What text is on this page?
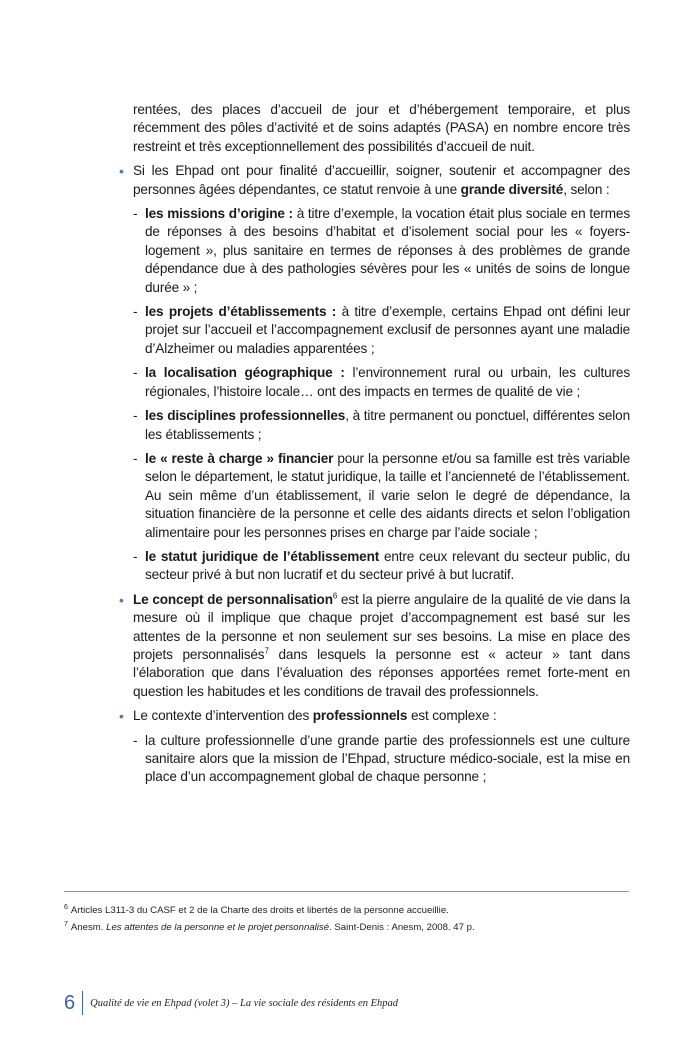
rentées, des places d’accueil de jour et d’hébergement temporaire, et plus récemment des pôles d’activité et de soins adaptés (PASA) en nombre encore très restreint et très exceptionnellement des possibilités d’accueil de nuit.

• Si les Ehpad ont pour finalité d’accueillir, soigner, soutenir et accompagner des personnes âgées dépendantes, ce statut renvoie à une grande diversité, selon :

- les missions d’origine : à titre d’exemple, la vocation était plus sociale en termes de réponses à des besoins d’habitat et d’isolement social pour les « foyers-logement », plus sanitaire en termes de réponses à des problèmes de grande dépendance due à des pathologies sévères pour les « unités de soins de longue durée » ;

- les projets d’établissements : à titre d’exemple, certains Ehpad ont défini leur projet sur l’accueil et l’accompagnement exclusif de personnes ayant une maladie d’Alzheimer ou maladies apparentées ;

- la localisation géographique : l’environnement rural ou urbain, les cultures régionales, l’histoire locale… ont des impacts en termes de qualité de vie ;

- les disciplines professionnelles, à titre permanent ou ponctuel, différentes selon les établissements ;

- le « reste à charge » financier pour la personne et/ou sa famille est très variable selon le département, le statut juridique, la taille et l’ancienneté de l’établissement. Au sein même d’un établissement, il varie selon le degré de dépendance, la situation financière de la personne et celle des aidants directs et selon l’obligation alimentaire pour les personnes prises en charge par l’aide sociale ;

- le statut juridique de l’établissement entre ceux relevant du secteur public, du secteur privé à but non lucratif et du secteur privé à but lucratif.

• Le concept de personnalisation$^6$ est la pierre angulaire de la qualité de vie dans la mesure où il implique que chaque projet d’accompagnement est basé sur les attentes de la personne et non seulement sur ses besoins. La mise en place des projets personnalisés$^7$ dans lesquels la personne est « acteur » tant dans l’élaboration que dans l’évaluation des réponses apportées remet forte-ment en question les habitudes et les conditions de travail des professionnels.

• Le contexte d’intervention des professionnels est complexe :

- la culture professionnelle d’une grande partie des professionnels est une culture sanitaire alors que la mission de l’Ehpad, structure médico-sociale, est la mise en place d’un accompagnement global de chaque personne ;

$^6$ Articles L311-3 du CASF et 2 de la Charte des droits et libertés de la personne accueillie.

$^7$ Anesm. Les attentes de la personne et le projet personnalisé. Saint-Denis : Anesm, 2008. 47 p.

6	Qualité de vie en Ehpad (volet 3) – La vie sociale des résidents en Ehpad
